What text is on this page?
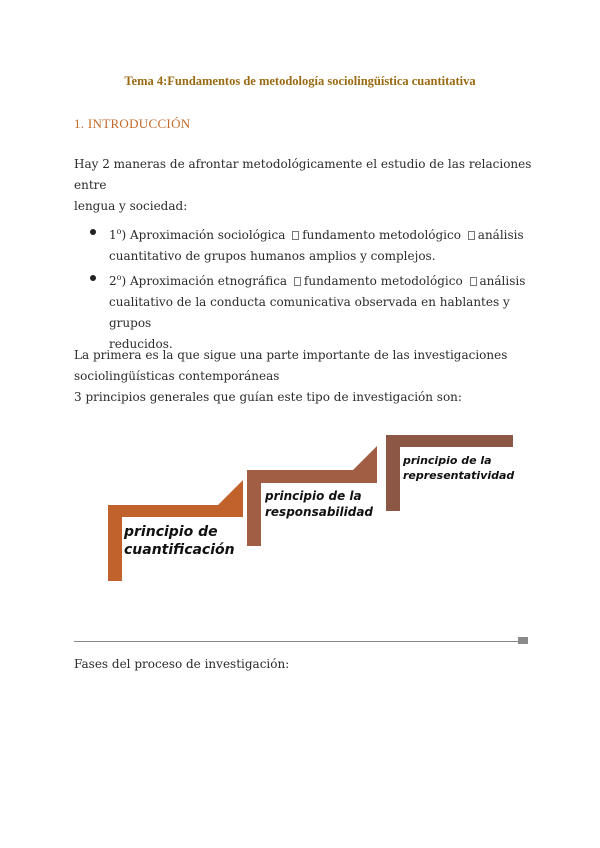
Tema 4:Fundamentos de metodología sociolingüística cuantitativa
1. INTRODUCCIÓN

Hay 2 maneras de afrontar metodológicamente el estudio de las relaciones entre

lengua y sociedad:

1$^o$) Aproximación sociológica fundamento metodológico análisis
cuantitativo de grupos humanos amplios y complejos.
2$^o$) Aproximación etnográfica fundamento metodológico análisis
cualitativo de la conducta comunicativa observada en hablantes y grupos
reducidos.

La primera es la que sigue una parte importante de las investigaciones

sociolingüísticas contemporáneas

3 principios generales que guían este tipo de investigación son:

principio de
cuantificación
principio de la
responsabilidad
principio de la
representatividad
Fases del proceso de investigación:
